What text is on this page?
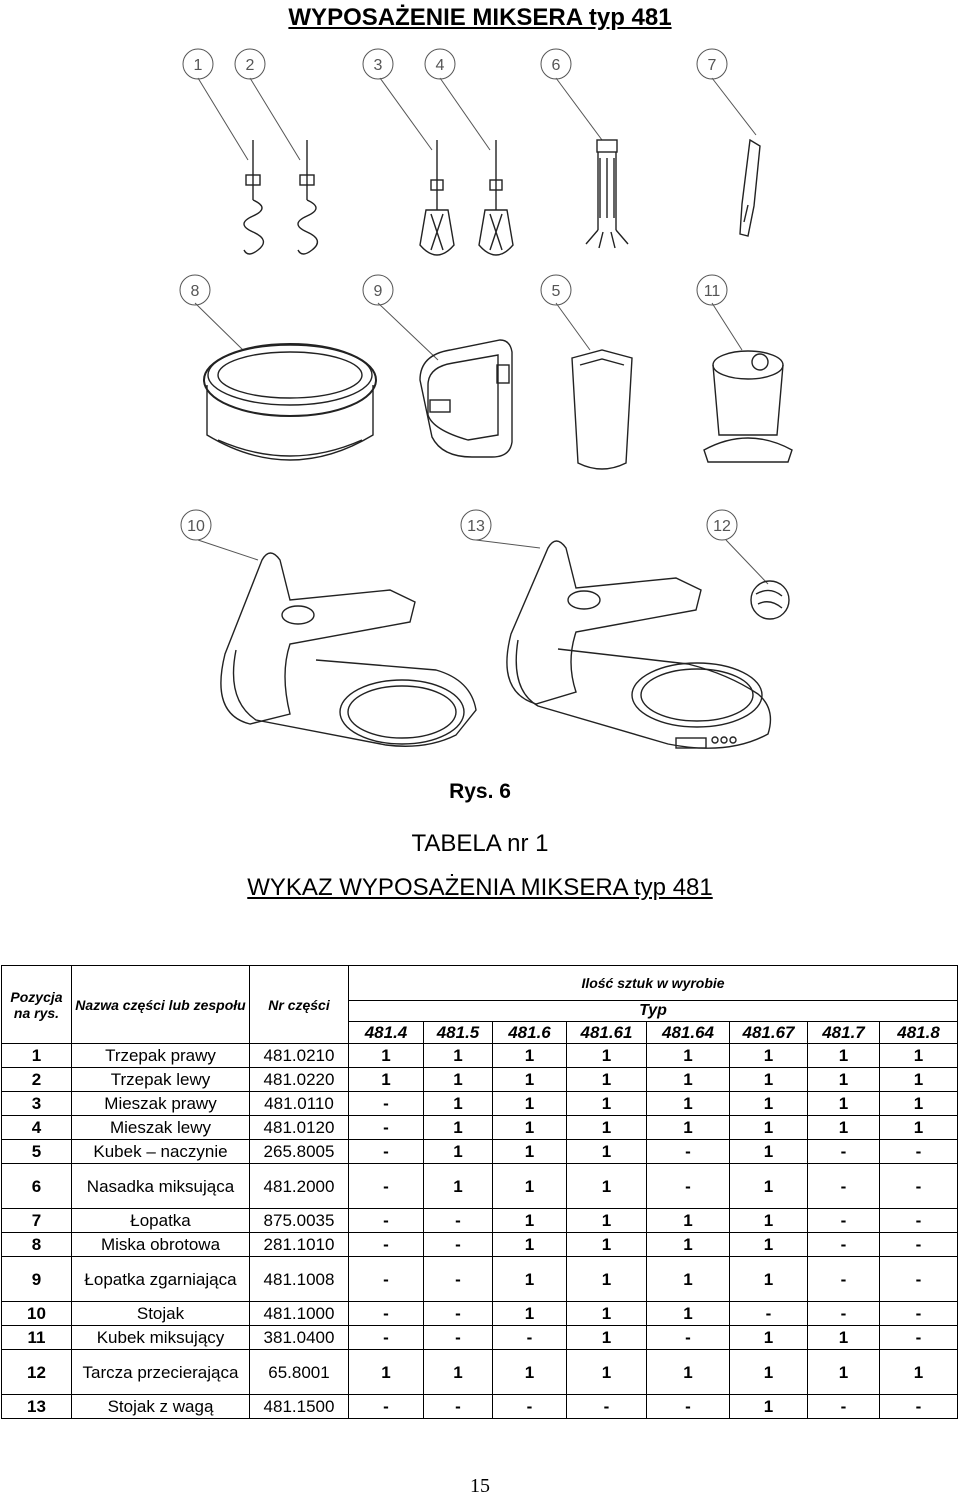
WYPOSAŻENIE MIKSERA typ 481
1	2	3	4	6	7
8	9	5	11
10	13	12
Rys. 6
TABELA nr 1
WYKAZ WYPOSAŻENIA MIKSERA typ 481
Pozycja na rys.	Nazwa części lub zespołu	Nr części	Ilość sztuk w wyrobie							
			Typ							
			481.4	481.5	481.6	481.61	481.64	481.67	481.7	481.8
1	Trzepak prawy	481.0210	1	1	1	1	1	1	1	1
2	Trzepak lewy	481.0220	1	1	1	1	1	1	1	1
3	Mieszak prawy	481.0110	-	1	1	1	1	1	1	1
4	Mieszak lewy	481.0120	-	1	1	1	1	1	1	1
5	Kubek – naczynie	265.8005	-	1	1	1	-	1	-	-
6	Nasadka miksująca	481.2000	-	1	1	1	-	1	-	-
7	Łopatka	875.0035	-	-	1	1	1	1	-	-
8	Miska obrotowa	281.1010	-	-	1	1	1	1	-	-
9	Łopatka zgarniająca	481.1008	-	-	1	1	1	1	-	-
10	Stojak	481.1000	-	-	1	1	1	-	-	-
11	Kubek miksujący	381.0400	-	-	-	1	-	1	1	-
12	Tarcza przecierająca	65.8001	1	1	1	1	1	1	1	1
13	Stojak z wagą	481.1500	-	-	-	-	-	1	-	-
15
